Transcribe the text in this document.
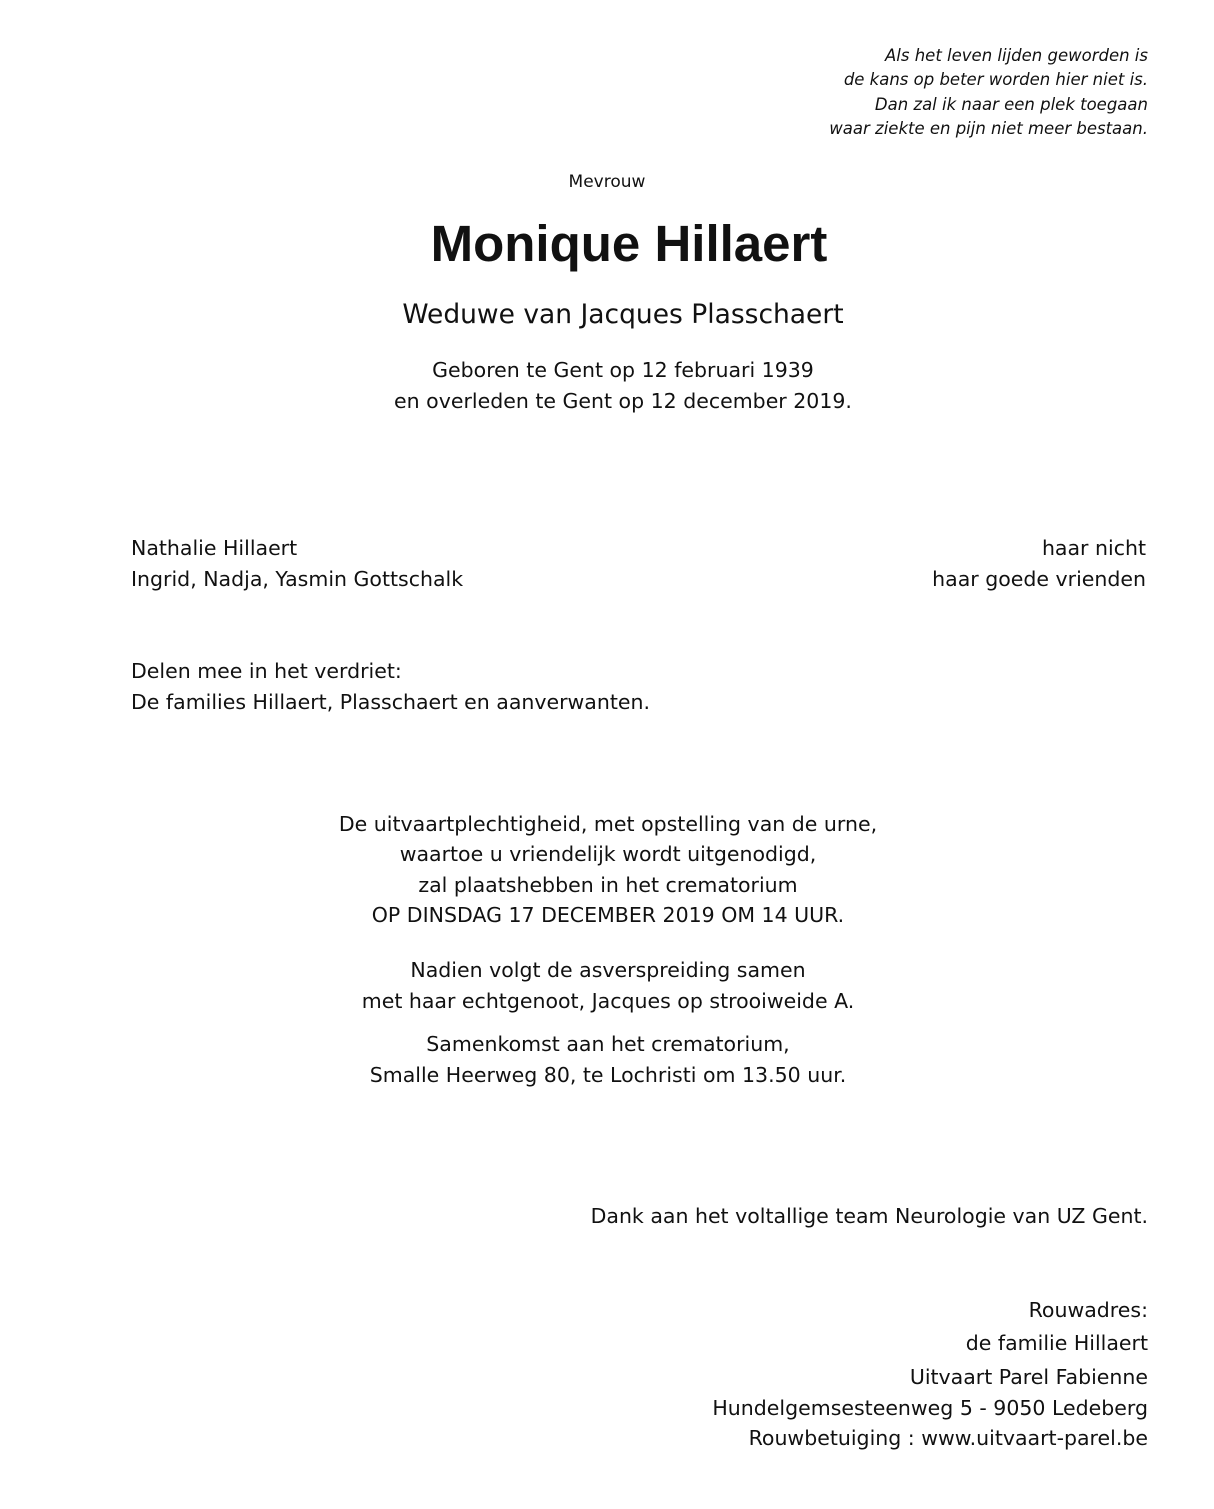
Als het leven lijden geworden is
de kans op beter worden hier niet is.
Dan zal ik naar een plek toegaan
waar ziekte en pijn niet meer bestaan.
Mevrouw
Monique Hillaert
Weduwe van Jacques Plasschaert
Geboren te Gent op 12 februari 1939
en overleden te Gent op 12 december 2019.
Nathalie Hillaert	haar nicht
Ingrid, Nadja, Yasmin Gottschalk	haar goede vrienden
Delen mee in het verdriet:
De families Hillaert, Plasschaert en aanverwanten.
De uitvaartplechtigheid, met opstelling van de urne,
waartoe u vriendelijk wordt uitgenodigd,
zal plaatshebben in het crematorium
OP DINSDAG 17 DECEMBER 2019 OM 14 UUR.
Nadien volgt de asverspreiding samen
met haar echtgenoot, Jacques op strooiweide A.
Samenkomst aan het crematorium,
Smalle Heerweg 80, te Lochristi om 13.50 uur.
Dank aan het voltallige team Neurologie van UZ Gent.
Rouwadres:
de familie Hillaert
Uitvaart Parel Fabienne
Hundelgemsesteenweg 5 - 9050 Ledeberg
Rouwbetuiging : www.uitvaart-parel.be
